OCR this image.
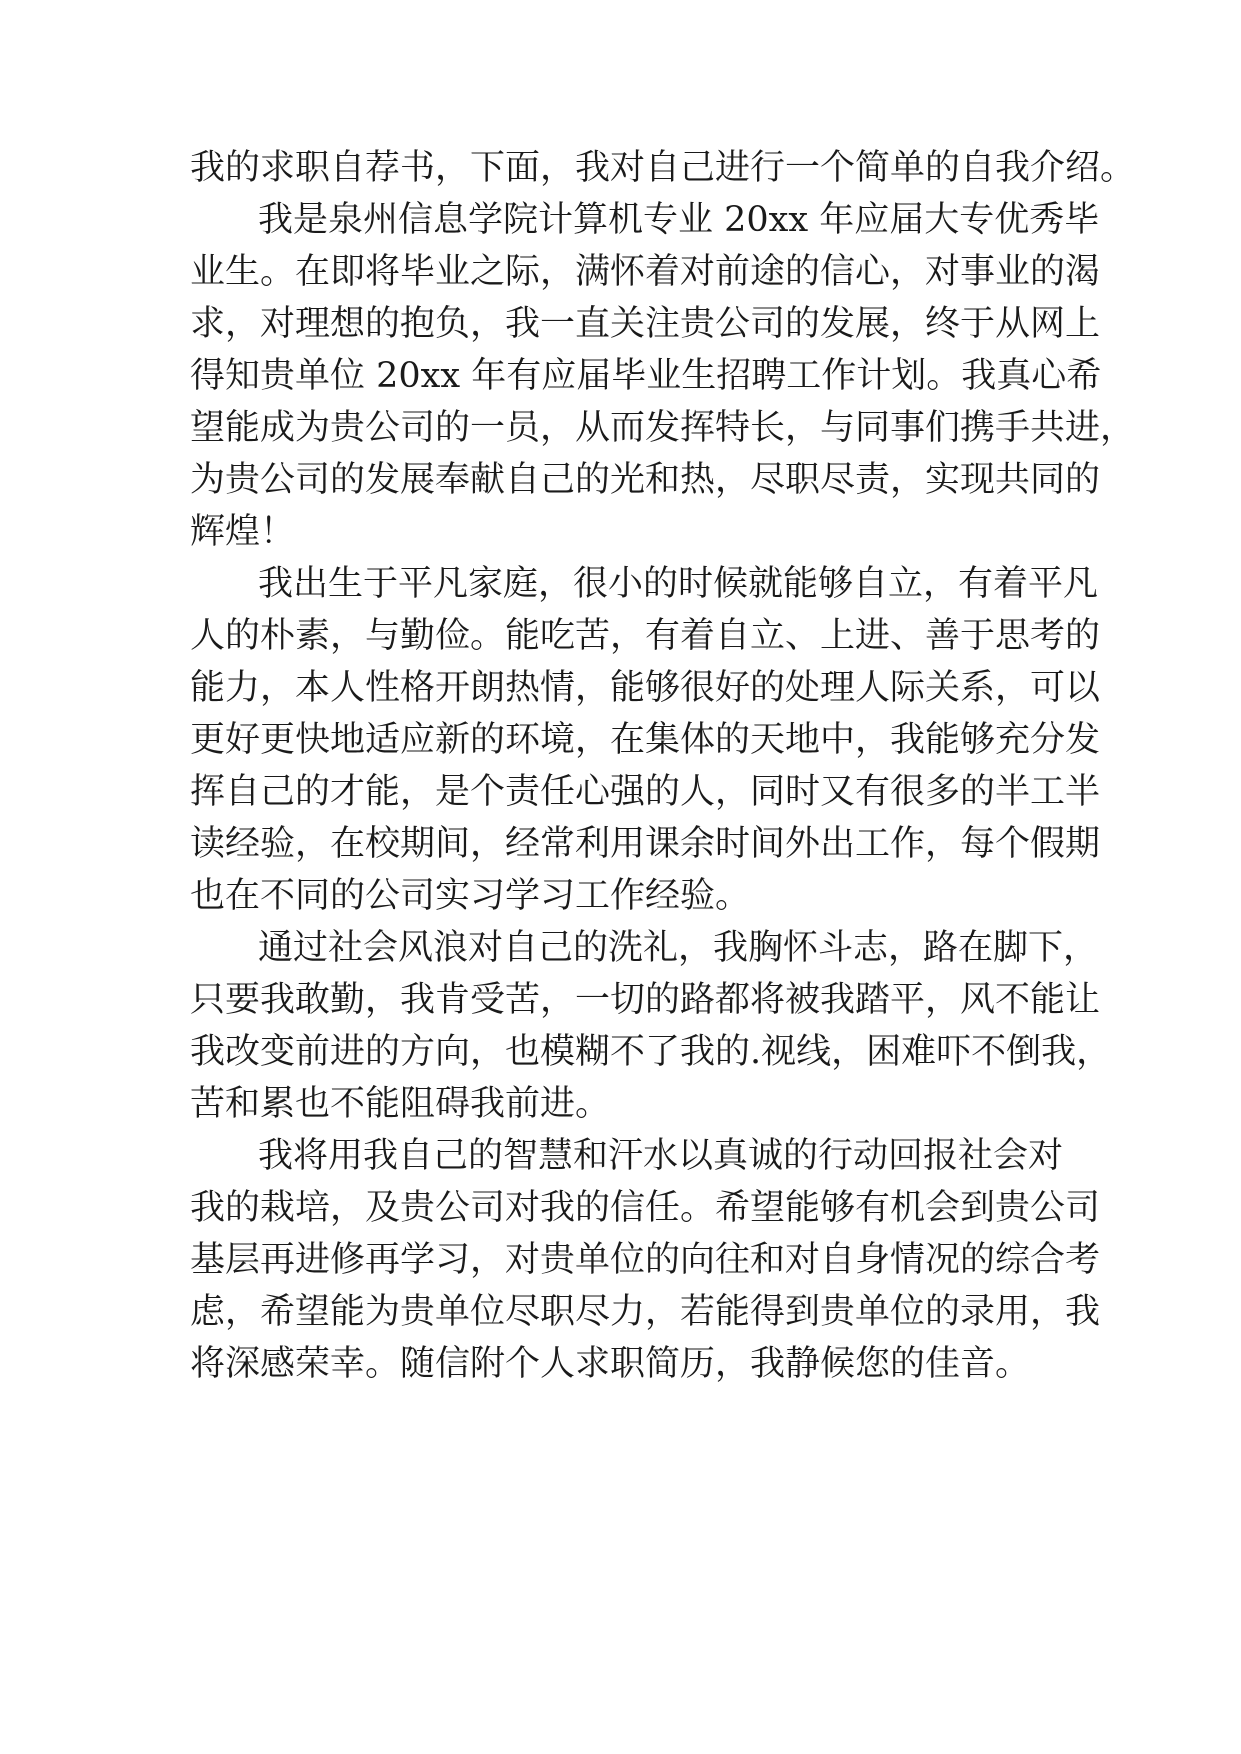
我的求职自荐书，下面，我对自己进行一个简单的自我介绍。
我是泉州信息学院计算机专业 20xx 年应届大专优秀毕
业生。在即将毕业之际，满怀着对前途的信心，对事业的渴
求，对理想的抱负，我一直关注贵公司的发展，终于从网上
得知贵单位 20xx 年有应届毕业生招聘工作计划。我真心希
望能成为贵公司的一员，从而发挥特长，与同事们携手共进，
为贵公司的发展奉献自己的光和热，尽职尽责，实现共同的
辉煌！
我出生于平凡家庭，很小的时候就能够自立，有着平凡
人的朴素，与勤俭。能吃苦，有着自立、上进、善于思考的
能力，本人性格开朗热情，能够很好的处理人际关系，可以
更好更快地适应新的环境，在集体的天地中，我能够充分发
挥自己的才能，是个责任心强的人，同时又有很多的半工半
读经验，在校期间，经常利用课余时间外出工作，每个假期
也在不同的公司实习学习工作经验。
通过社会风浪对自己的洗礼，我胸怀斗志，路在脚下，
只要我敢勤，我肯受苦，一切的路都将被我踏平，风不能让
我改变前进的方向，也模糊不了我的.视线，困难吓不倒我，
苦和累也不能阻碍我前进。
我将用我自己的智慧和汗水以真诚的行动回报社会对
我的栽培，及贵公司对我的信任。希望能够有机会到贵公司
基层再进修再学习，对贵单位的向往和对自身情况的综合考
虑，希望能为贵单位尽职尽力，若能得到贵单位的录用，我
将深感荣幸。随信附个人求职简历，我静候您的佳音。
